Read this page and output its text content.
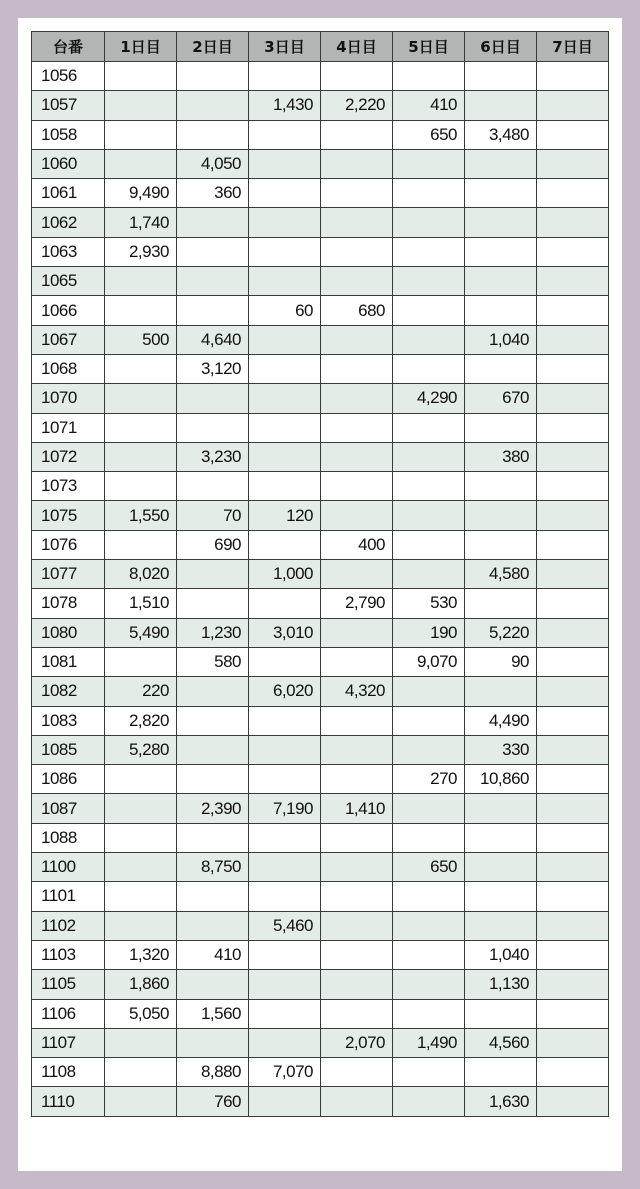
台番	1日目	2日目	3日目	4日目	5日目	6日目	7日目
1056							
1057			1,430	2,220	410		
1058					650	3,480	
1060		4,050					
1061	9,490	360					
1062	1,740						
1063	2,930						
1065							
1066			60	680			
1067	500	4,640				1,040	
1068		3,120					
1070					4,290	670	
1071							
1072		3,230				380	
1073							
1075	1,550	70	120				
1076		690		400			
1077	8,020		1,000			4,580	
1078	1,510			2,790	530		
1080	5,490	1,230	3,010		190	5,220	
1081		580			9,070	90	
1082	220		6,020	4,320			
1083	2,820					4,490	
1085	5,280					330	
1086					270	10,860	
1087		2,390	7,190	1,410			
1088							
1100		8,750			650		
1101							
1102			5,460				
1103	1,320	410				1,040	
1105	1,860					1,130	
1106	5,050	1,560					
1107				2,070	1,490	4,560	
1108		8,880	7,070				
1110		760				1,630	
